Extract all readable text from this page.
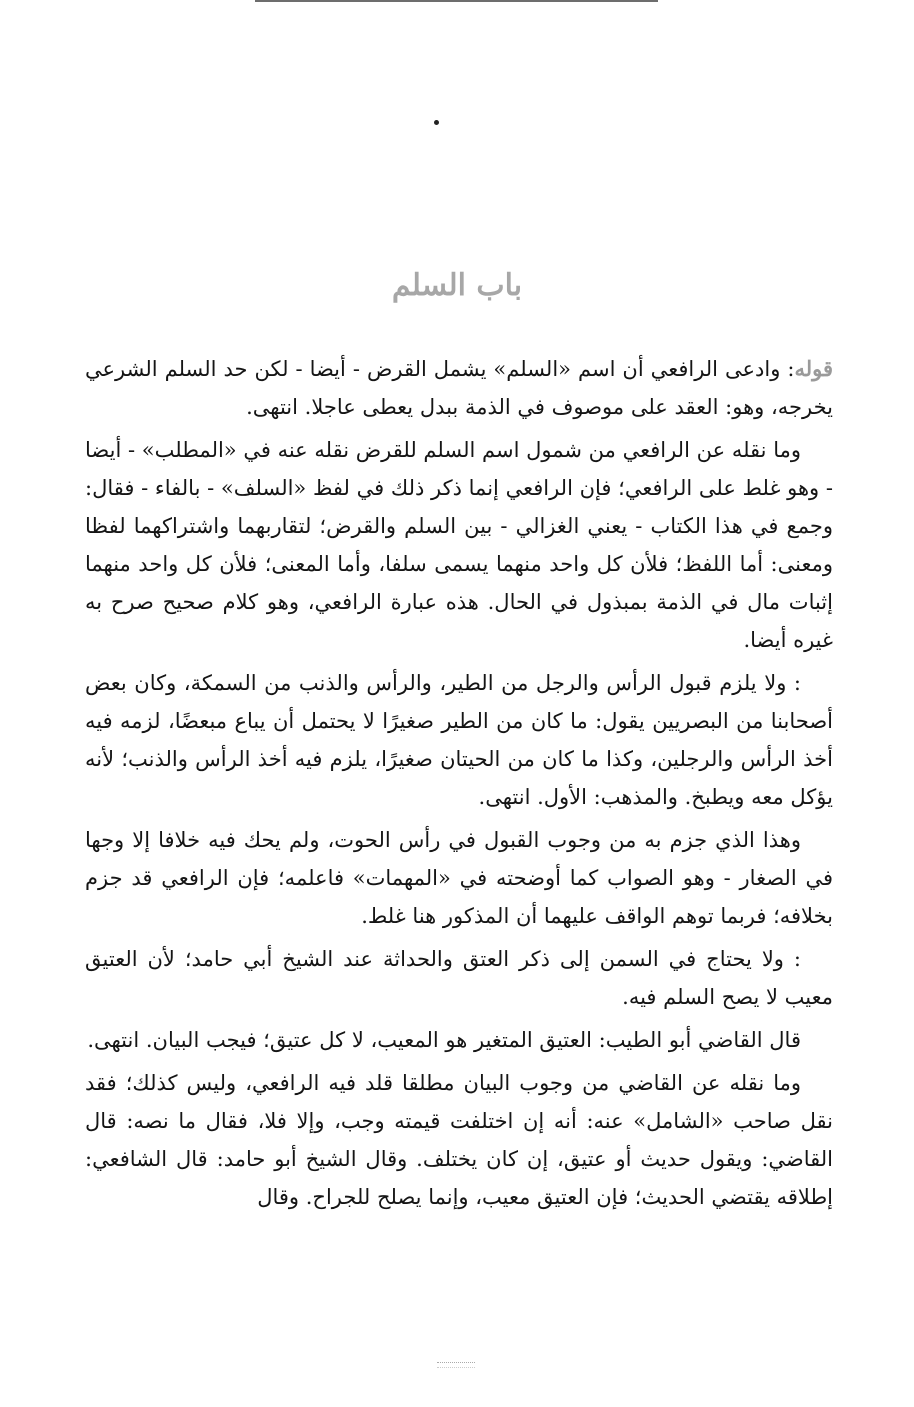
باب السلم

قوله: وادعى الرافعي أن اسم «السلم» يشمل القرض - أيضا - لكن حد السلم الشرعي يخرجه، وهو: العقد على موصوف في الذمة ببدل يعطى عاجلا. انتهى.

وما نقله عن الرافعي من شمول اسم السلم للقرض نقله عنه في «المطلب» - أيضا - وهو غلط على الرافعي؛ فإن الرافعي إنما ذكر ذلك في لفظ «السلف» - بالفاء - فقال: وجمع في هذا الكتاب - يعني الغزالي - بين السلم والقرض؛ لتقاربهما واشتراكهما لفظا ومعنى: أما اللفظ؛ فلأن كل واحد منهما يسمى سلفا، وأما المعنى؛ فلأن كل واحد منهما إثبات مال في الذمة بمبذول في الحال. هذه عبارة الرافعي، وهو كلام صحيح صرح به غيره أيضا.

: ولا يلزم قبول الرأس والرجل من الطير، والرأس والذنب من السمكة، وكان بعض أصحابنا من البصريين يقول: ما كان من الطير صغيرًا لا يحتمل أن يباع مبعضًا، لزمه فيه أخذ الرأس والرجلين، وكذا ما كان من الحيتان صغيرًا، يلزم فيه أخذ الرأس والذنب؛ لأنه يؤكل معه ويطبخ. والمذهب: الأول. انتهى.

وهذا الذي جزم به من وجوب القبول في رأس الحوت، ولم يحك فيه خلافا إلا وجها في الصغار - وهو الصواب كما أوضحته في «المهمات» فاعلمه؛ فإن الرافعي قد جزم بخلافه؛ فربما توهم الواقف عليهما أن المذكور هنا غلط.

: ولا يحتاج في السمن إلى ذكر العتق والحداثة عند الشيخ أبي حامد؛ لأن العتيق معيب لا يصح السلم فيه.

قال القاضي أبو الطيب: العتيق المتغير هو المعيب، لا كل عتيق؛ فيجب البيان. انتهى.

وما نقله عن القاضي من وجوب البيان مطلقا قلد فيه الرافعي، وليس كذلك؛ فقد نقل صاحب «الشامل» عنه: أنه إن اختلفت قيمته وجب، وإلا فلا، فقال ما نصه: قال القاضي: ويقول حديث أو عتيق، إن كان يختلف. وقال الشيخ أبو حامد: قال الشافعي: إطلاقه يقتضي الحديث؛ فإن العتيق معيب، وإنما يصلح للجراح. وقال
